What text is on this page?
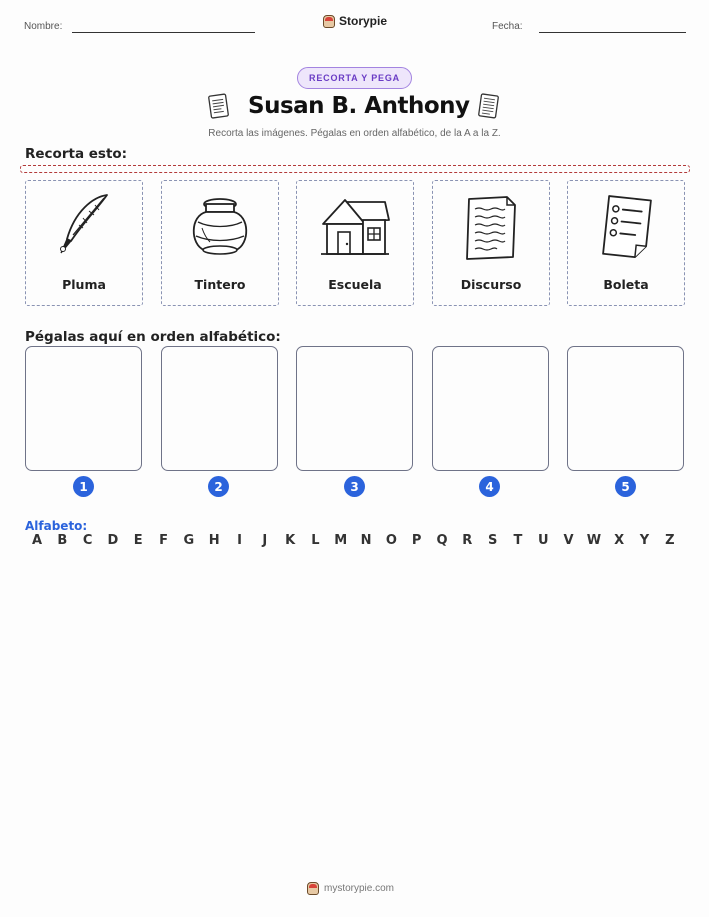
Nombre:	Storypie	Fecha:
RECORTA Y PEGA
Susan B. Anthony
Recorta las imágenes. Pégalas en orden alfabético, de la A a la Z.
Recorta esto:
Pluma	Tintero	Escuela	Discurso	Boleta
Pégalas aquí en orden alfabético:
1	2	3	4	5
Alfabeto:
A	B	C	D	E	F	G H	I	J	K	L	M N O	P	Q	R	S	T	U	V	W	X	Y	Z
mystorypie.com
